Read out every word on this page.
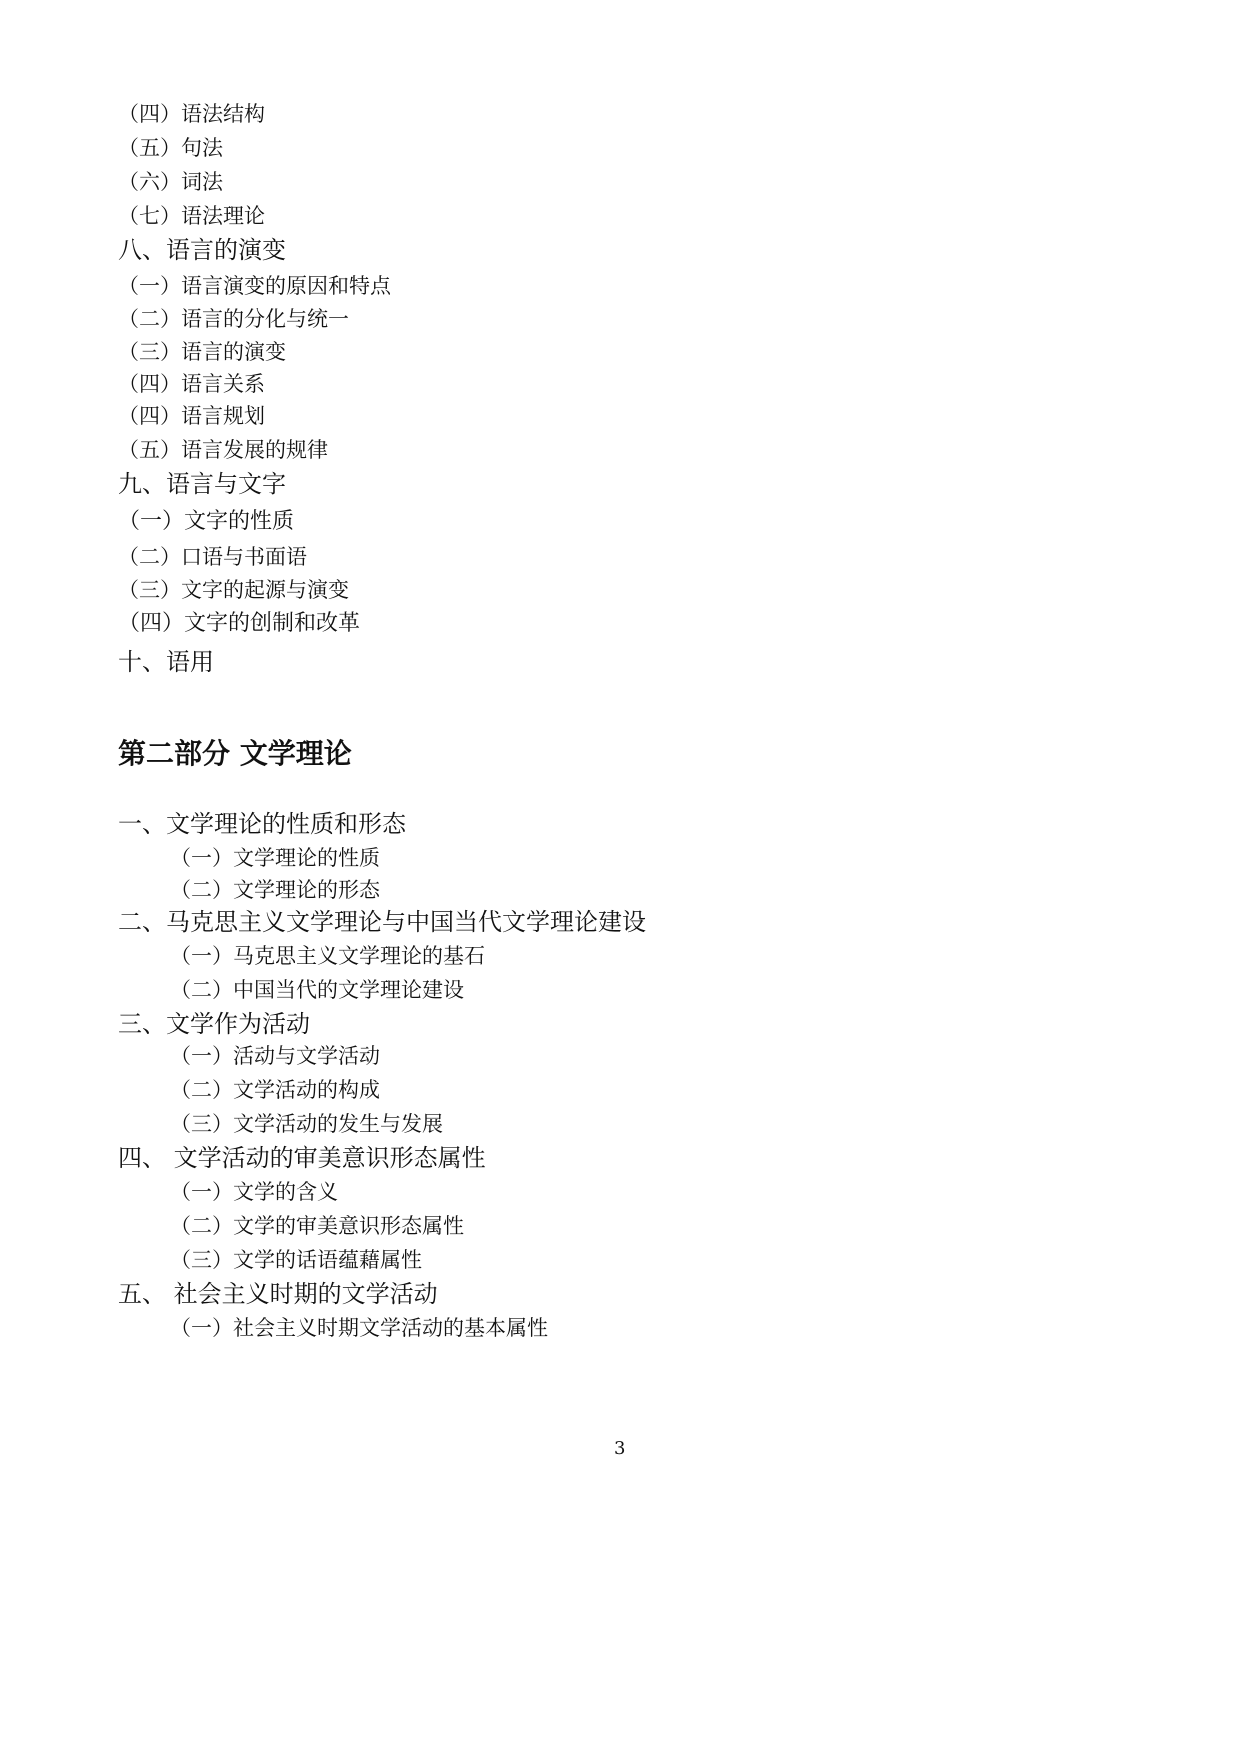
（四）语法结构
（五）句法
（六）词法
（七）语法理论
八、语言的演变
（一）语言演变的原因和特点
（二）语言的分化与统一
（三）语言的演变
（四）语言关系
（四）语言规划
（五）语言发展的规律
九、语言与文字
（一）文字的性质
（二）口语与书面语
（三）文字的起源与演变
（四）文字的创制和改革
十、语用
第二部分 文学理论
一、文学理论的性质和形态
（一）文学理论的性质
（二）文学理论的形态
二、马克思主义文学理论与中国当代文学理论建设
（一）马克思主义文学理论的基石
（二）中国当代的文学理论建设
三、文学作为活动
（一）活动与文学活动
（二）文学活动的构成
（三）文学活动的发生与发展
四、 文学活动的审美意识形态属性
（一）文学的含义
（二）文学的审美意识形态属性
（三）文学的话语蕴藉属性
五、 社会主义时期的文学活动
（一）社会主义时期文学活动的基本属性
3
